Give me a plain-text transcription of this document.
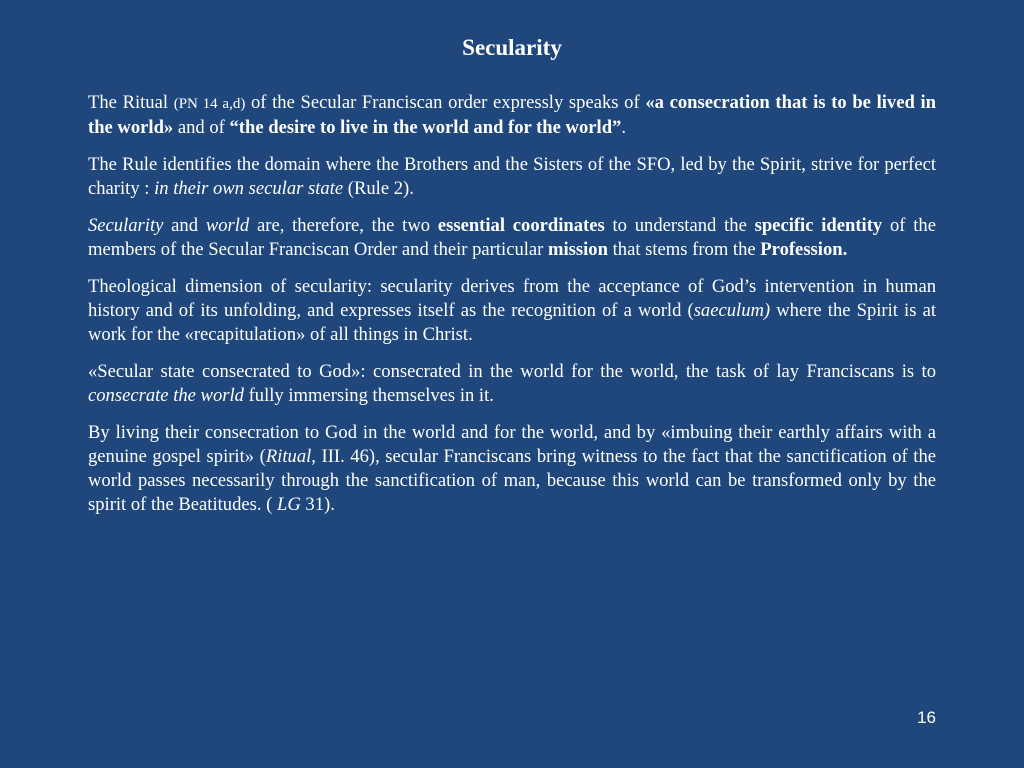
Secularity

The Ritual (PN 14 a,d) of the Secular Franciscan order expressly speaks of «a consecration that is to be lived in the world» and of “the desire to live in the world and for the world”.

The Rule identifies the domain where the Brothers and the Sisters of the SFO, led by the Spirit, strive for perfect charity : in their own secular state (Rule 2).

Secularity and world are, therefore, the two essential coordinates to understand the specific identity of the members of the Secular Franciscan Order and their particular mission that stems from the Profession.

Theological dimension of secularity: secularity derives from the acceptance of God’s intervention in human history and of its unfolding, and expresses itself as the recognition of a world (saeculum) where the Spirit is at work for the «recapitulation» of all things in Christ.

«Secular state consecrated to God»: consecrated in the world for the world, the task of lay Franciscans is to consecrate the world fully immersing themselves in it.

By living their consecration to God in the world and for the world, and by «imbuing their earthly affairs with a genuine gospel spirit» (Ritual, III. 46), secular Franciscans bring witness to the fact that the sanctification of the world passes necessarily through the sanctification of man, because this world can be transformed only by the spirit of the Beatitudes. ( LG 31).

16
